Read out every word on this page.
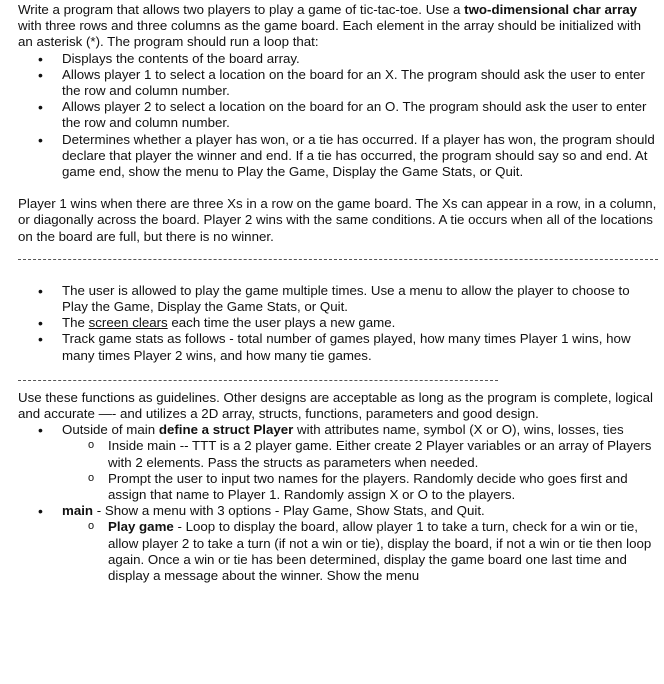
Write a program that allows two players to play a game of tic-tac-toe. Use a two-dimensional char array with three rows and three columns as the game board. Each element in the array should be initialized with an asterisk (*). The program should run a loop that:

• Displays the contents of the board array.
• Allows player 1 to select a location on the board for an X. The program should ask the user to enter the row and column number.
• Allows player 2 to select a location on the board for an O. The program should ask the user to enter the row and column number.
• Determines whether a player has won, or a tie has occurred. If a player has won, the program should declare that player the winner and end. If a tie has occurred, the program should say so and end. At game end, show the menu to Play the Game, Display the Game Stats, or Quit.

Player 1 wins when there are three Xs in a row on the game board. The Xs can appear in a row, in a column, or diagonally across the board. Player 2 wins with the same conditions. A tie occurs when all of the locations on the board are full, but there is no winner.

• The user is allowed to play the game multiple times. Use a menu to allow the player to choose to Play the Game, Display the Game Stats, or Quit.
• The screen clears each time the user plays a new game.
• Track game stats as follows - total number of games played, how many times Player 1 wins, how many times Player 2 wins, and how many tie games.

Use these functions as guidelines. Other designs are acceptable as long as the program is complete, logical and accurate —- and utilizes a 2D array, structs, functions, parameters and good design.

• Outside of main define a struct Player with attributes name, symbol (X or O), wins, losses, ties
o Inside main -- TTT is a 2 player game. Either create 2 Player variables or an array of Players with 2 elements. Pass the structs as parameters when needed.
o Prompt the user to input two names for the players. Randomly decide who goes first and assign that name to Player 1. Randomly assign X or O to the players.
• main - Show a menu with 3 options - Play Game, Show Stats, and Quit.
o Play game - Loop to display the board, allow player 1 to take a turn, check for a win or tie, allow player 2 to take a turn (if not a win or tie), display the board, if not a win or tie then loop again. Once a win or tie has been determined, display the game board one last time and display a message about the winner. Show the menu
